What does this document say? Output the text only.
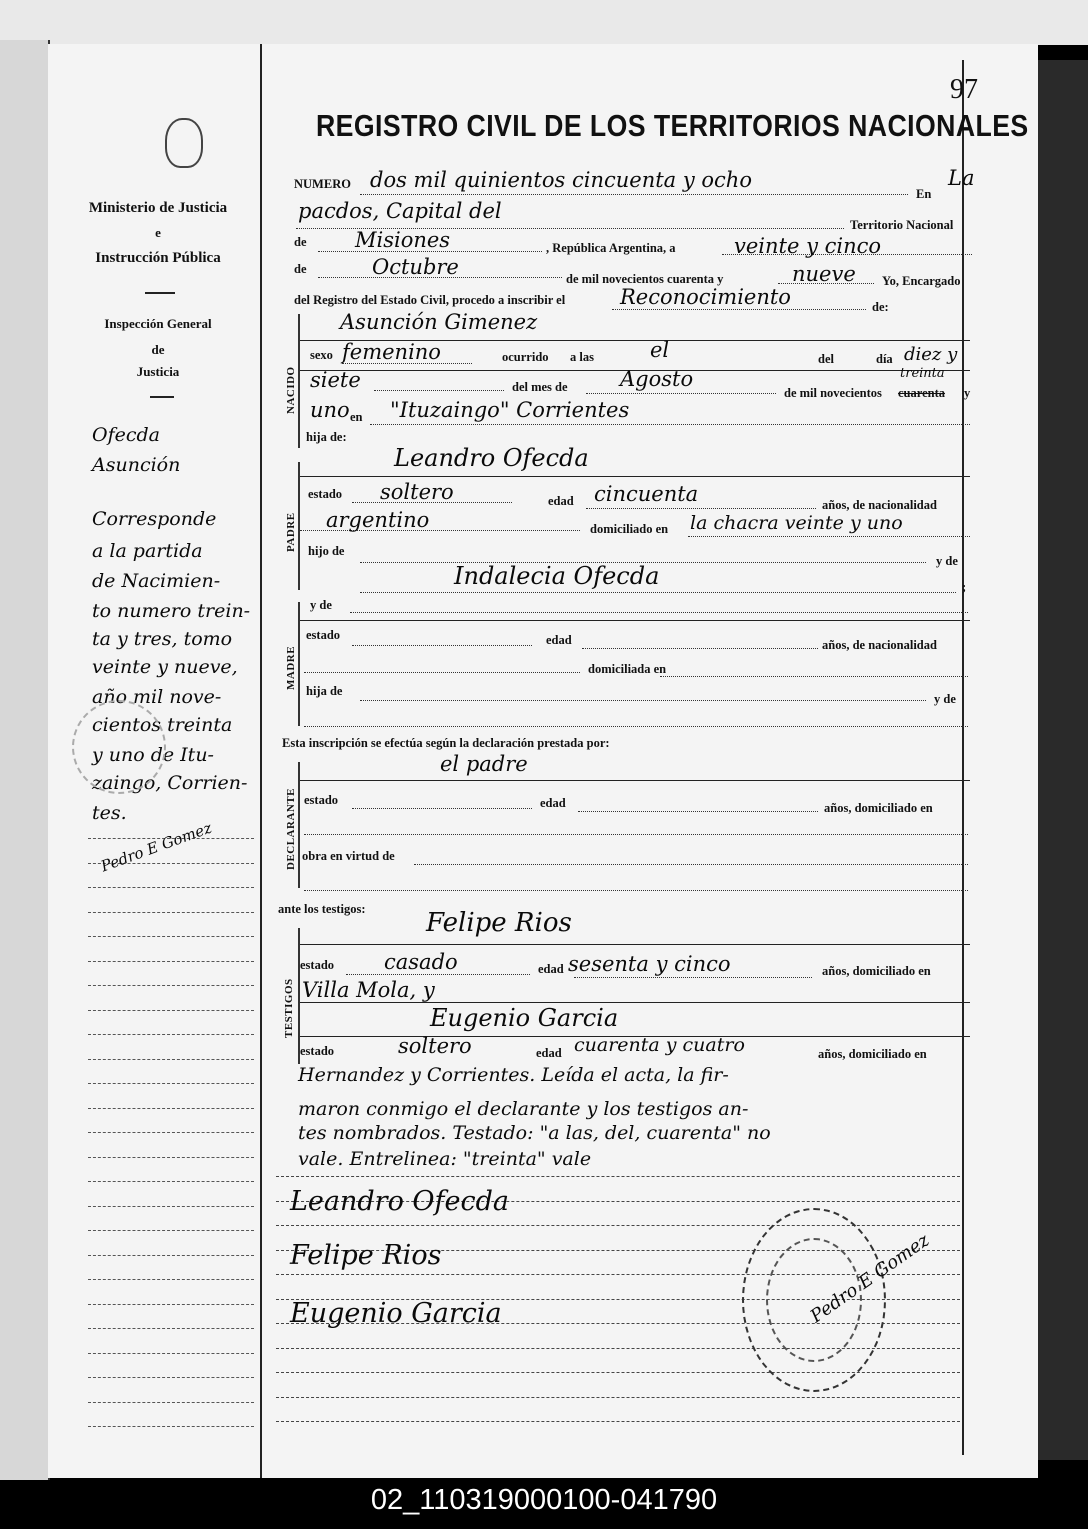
Ministerio de Justicia
e
Instrucción Pública
Inspección General
de
Justicia
Ofecda
Asunción
Corresponde
a la partida
de Nacimien-
to numero trein-
ta y tres, tomo
veinte y nueve,
año mil nove-
cientos treinta
y uno de Itu-
zaingo, Corrien-
tes.
Pedro E Gomez
97
REGISTRO CIVIL DE LOS TERRITORIOS NACIONALES
NUMERO dos mil quinientos cincuenta y ocho
En
La
pacdos, Capital del
Territorio Nacional
de Misiones	, República Argentina, a	veinte y cinco
de	Octubre	de mil novecientos cuarenta y	nueve Yo, Encargado
del Registro del Estado Civil, procedo a inscribir el	Reconocimiento	de:
NACIDO
Asunción Gimenez
sexo femenino	ocurrido a las	el	del	día diez y
siete	del mes de Agosto
de mil novecientos cuarenta
treinta
y
uno en "Ituzaingo" Corrientes
hija de:
PADRE
Leandro Ofecda
estado soltero	edad cincuenta	años, de nacionalidad
argentino	domiciliado en la chacra veinte y uno
hijo de
y de
Indalecia Ofecda	;
MADRE
y de
estado	edad	años, de nacionalidad
domiciliada en
hija de
y de
Esta inscripción se efectúa según la declaración prestada por:
el padre
DECLARANTE estado	edad	años, domiciliado en
obra en virtud de
ante los testigos:
TESTIGOS
Felipe Rios
estado casado	edad sesenta y cinco	años, domiciliado en
Villa Mola, y
Eugenio Garcia
estado	soltero	edad cuarenta y cuatro	años, domiciliado en
Hernandez y Corrientes. Leída el acta, la fir-
maron conmigo el declarante y los testigos an-
tes nombrados. Testado: "a las, del, cuarenta" no
vale. Entrelinea: "treinta" vale
Leandro Ofecda
Felipe Rios
Eugenio Garcia	Pedro E Gomez
02_110319000100-041790
